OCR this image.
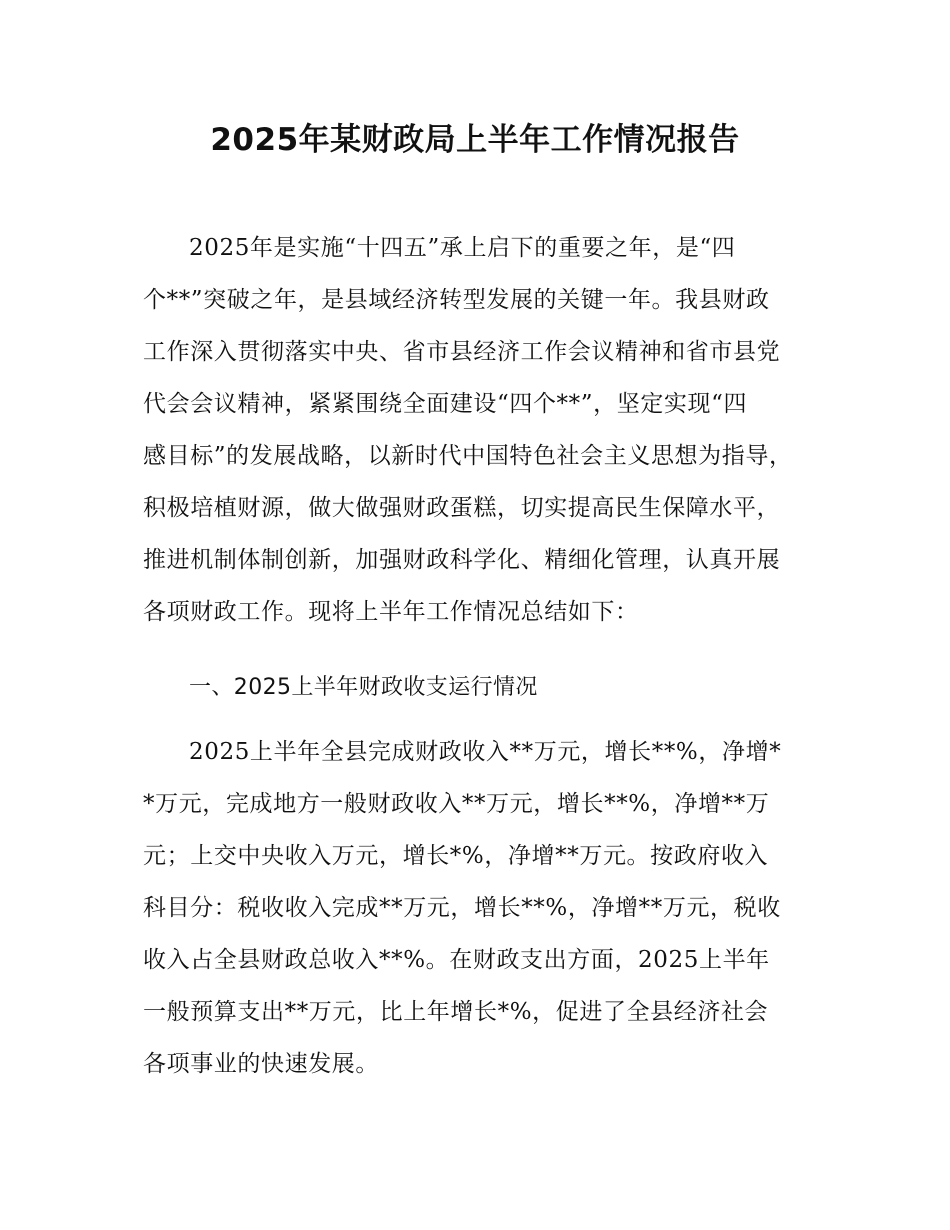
2025年某财政局上半年工作情况报告
2025年是实施“十四五”承上启下的重要之年，是“四
个**”突破之年，是县域经济转型发展的关键一年。我县财政
工作深入贯彻落实中央、省市县经济工作会议精神和省市县党
代会会议精神，紧紧围绕全面建设“四个**”，坚定实现“四
感目标”的发展战略，以新时代中国特色社会主义思想为指导，
积极培植财源，做大做强财政蛋糕，切实提高民生保障水平，
推进机制体制创新，加强财政科学化、精细化管理，认真开展
各项财政工作。现将上半年工作情况总结如下：
一、2025上半年财政收支运行情况
2025上半年全县完成财政收入**万元，增长**%，净增*
*万元，完成地方一般财政收入**万元，增长**%，净增**万
元；上交中央收入万元，增长*%，净增**万元。按政府收入
科目分：税收收入完成**万元，增长**%，净增**万元，税收
收入占全县财政总收入**%。在财政支出方面，2025上半年
一般预算支出**万元，比上年增长*%，促进了全县经济社会
各项事业的快速发展。
